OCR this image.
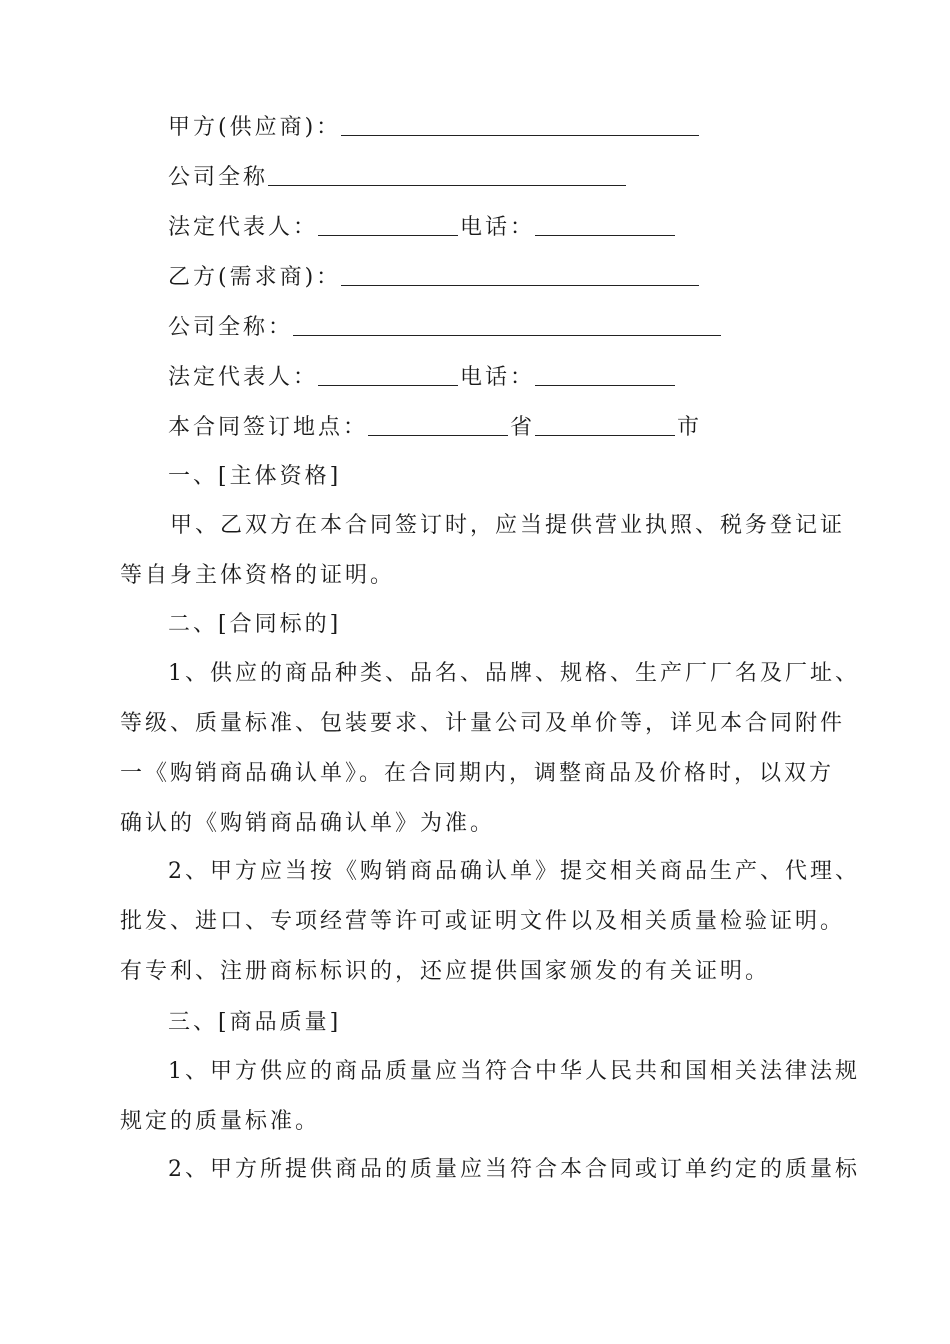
甲方(供应商)：
公司全称
法定代表人：	电话：
乙方(需求商)：
公司全称：
法定代表人：	电话：
本合同签订地点：	省	市
一、[主体资格]
甲、乙双方在本合同签订时，应当提供营业执照、税务登记证
等自身主体资格的证明。
二、[合同标的]
1、供应的商品种类、品名、品牌、规格、生产厂厂名及厂址、
等级、质量标准、包装要求、计量公司及单价等，详见本合同附件
一《购销商品确认单》。在合同期内，调整商品及价格时，以双方
确认的《购销商品确认单》为准。
2、甲方应当按《购销商品确认单》提交相关商品生产、代理、
批发、进口、专项经营等许可或证明文件以及相关质量检验证明。
有专利、注册商标标识的，还应提供国家颁发的有关证明。
三、[商品质量]
1、甲方供应的商品质量应当符合中华人民共和国相关法律法规
规定的质量标准。
2、甲方所提供商品的质量应当符合本合同或订单约定的质量标
